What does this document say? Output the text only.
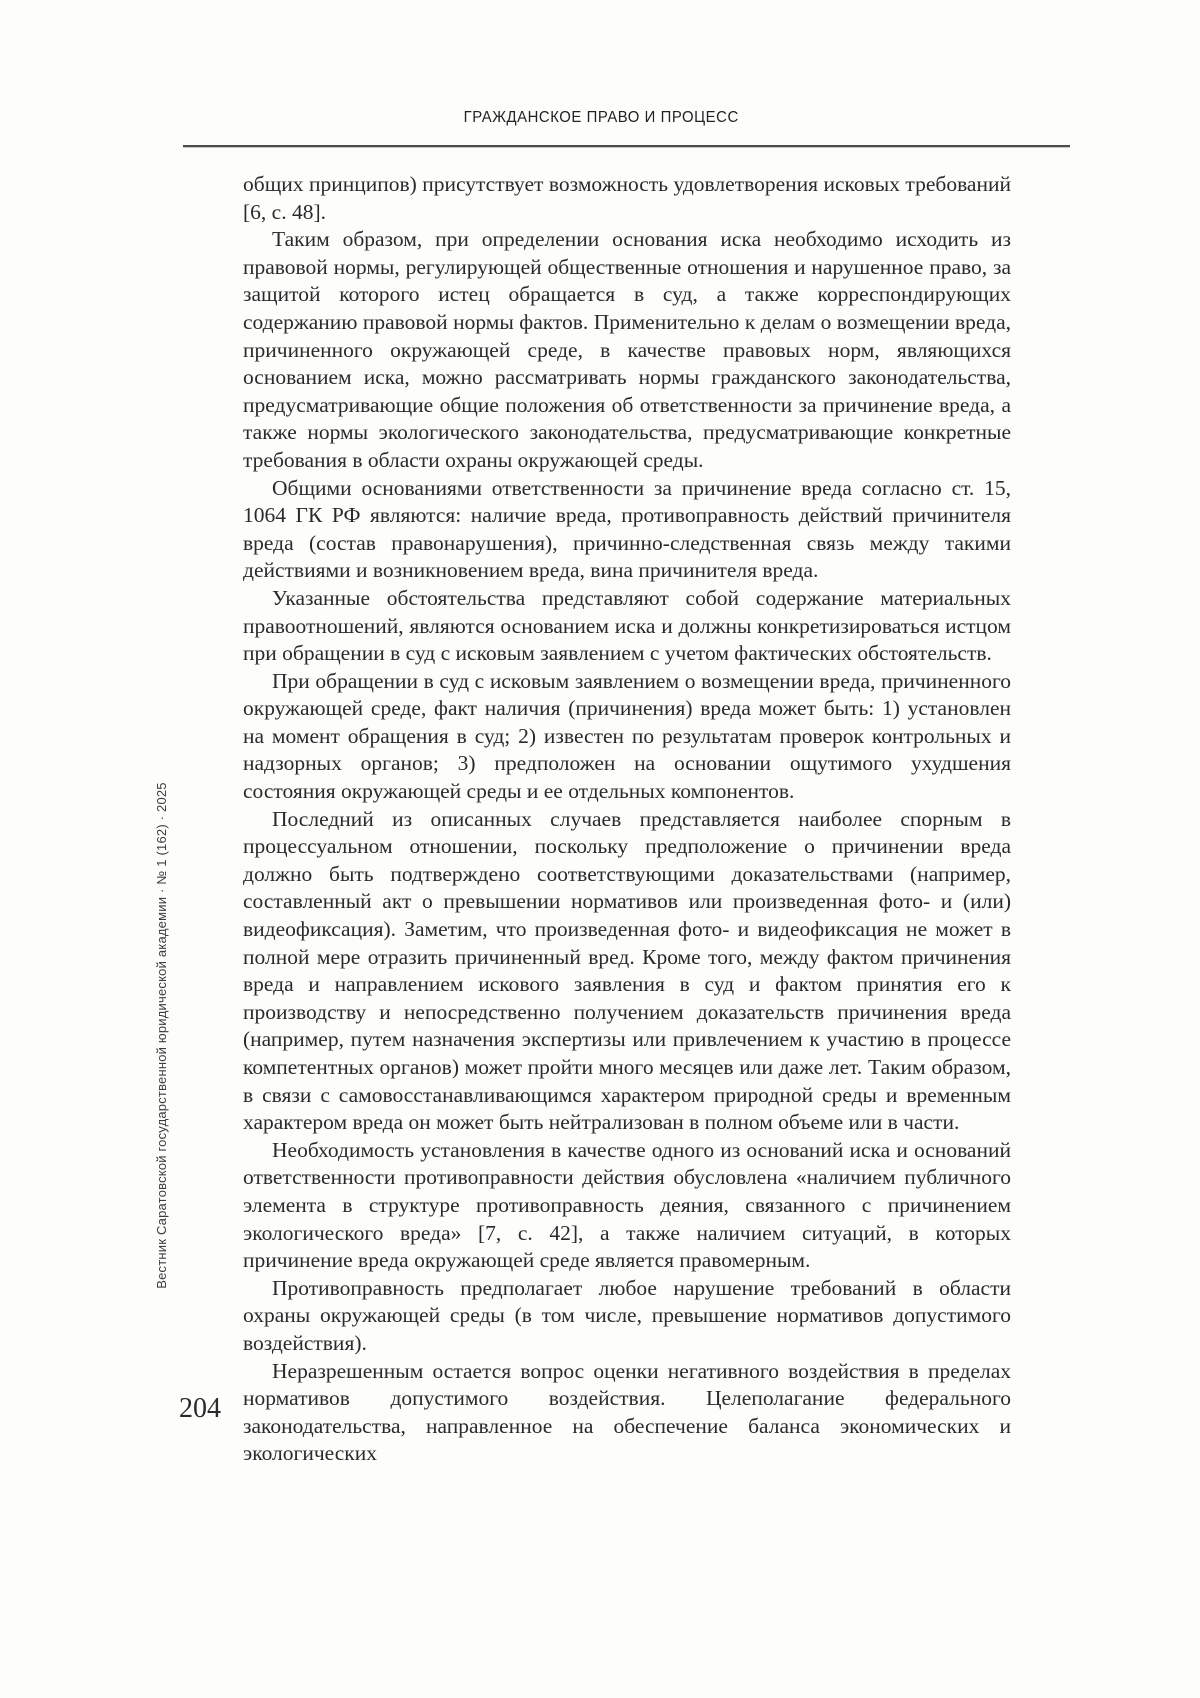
ГРАЖДАНСКОЕ ПРАВО И ПРОЦЕСС
Вестник Саратовской государственной юридической академии · № 1 (162) · 2025
204

общих принципов) присутствует возможность удовлетворения исковых требований [6, с. 48].

Таким образом, при определении основания иска необходимо исходить из правовой нормы, регулирующей общественные отношения и нарушенное право, за защитой которого истец обращается в суд, а также корреспондирующих содержанию правовой нормы фактов. Применительно к делам о возмещении вреда, причиненного окружающей среде, в качестве правовых норм, являющихся основанием иска, можно рассматривать нормы гражданского законодательства, предусматривающие общие положения об ответственности за причинение вреда, а также нормы экологического законодательства, предусматривающие конкретные требования в области охраны окружающей среды.

Общими основаниями ответственности за причинение вреда согласно ст. 15, 1064 ГК РФ являются: наличие вреда, противоправность действий причинителя вреда (состав правонарушения), причинно-следственная связь между такими действиями и возникновением вреда, вина причинителя вреда.

Указанные обстоятельства представляют собой содержание материальных правоотношений, являются основанием иска и должны конкретизироваться истцом при обращении в суд с исковым заявлением с учетом фактических обстоятельств.

При обращении в суд с исковым заявлением о возмещении вреда, причиненного окружающей среде, факт наличия (причинения) вреда может быть: 1) установлен на момент обращения в суд; 2) известен по результатам проверок контрольных и надзорных органов; 3) предположен на основании ощутимого ухудшения состояния окружающей среды и ее отдельных компонентов.

Последний из описанных случаев представляется наиболее спорным в процессуальном отношении, поскольку предположение о причинении вреда должно быть подтверждено соответствующими доказательствами (например, составленный акт о превышении нормативов или произведенная фото- и (или) видеофиксация). Заметим, что произведенная фото- и видеофиксация не может в полной мере отразить причиненный вред. Кроме того, между фактом причинения вреда и направлением искового заявления в суд и фактом принятия его к производству и непосредственно получением доказательств причинения вреда (например, путем назначения экспертизы или привлечением к участию в процессе компетентных органов) может пройти много месяцев или даже лет. Таким образом, в связи с самовосстанавливающимся характером природной среды и временным характером вреда он может быть нейтрализован в полном объеме или в части.

Необходимость установления в качестве одного из оснований иска и оснований ответственности противоправности действия обусловлена «наличием публичного элемента в структуре противоправность деяния, связанного с причинением экологического вреда» [7, с. 42], а также наличием ситуаций, в которых причинение вреда окружающей среде является правомерным.

Противоправность предполагает любое нарушение требований в области охраны окружающей среды (в том числе, превышение нормативов допустимого воздействия).

Неразрешенным остается вопрос оценки негативного воздействия в пределах нормативов допустимого воздействия. Целеполагание федерального законодательства, направленное на обеспечение баланса экономических и экологических
